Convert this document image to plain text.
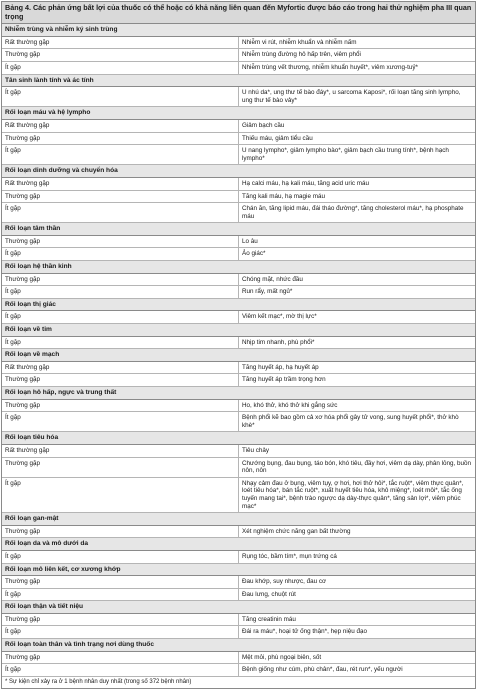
Bảng 4. Các phản ứng bất lợi của thuốc có thể hoặc có khả năng liên quan đến Myfortic được báo cáo trong hai thử nghiệm pha III quan trọng
Nhiễm trùng và nhiễm ký sinh trùng	
Rất thường gặp	Nhiễm vi rút, nhiễm khuẩn và nhiễm nấm
Thường gặp	Nhiễm trùng đường hô hấp trên, viêm phổi
Ít gặp	Nhiễm trùng vết thương, nhiễm khuẩn huyết*, viêm xương-tuỷ*
Tân sinh lành tính và ác tính	
Ít gặp	U nhú da*, ung thư tế bào đáy*, u sarcoma Kaposi*, rối loạn tăng sinh lympho, ung thư tế bào vảy*
Rối loạn máu và hệ lympho	
Rất thường gặp	Giảm bạch cầu
Thường gặp	Thiếu máu, giảm tiểu cầu
Ít gặp	U nang lympho*, giảm lympho bào*, giảm bạch cầu trung tính*, bệnh hạch lympho*
Rối loạn dinh dưỡng và chuyển hóa	
Rất thường gặp	Hạ calci máu, hạ kali máu, tăng acid uric máu
Thường gặp	Tăng kali máu, hạ magie máu
Ít gặp	Chán ăn, tăng lipid máu, đái tháo đường*, tăng cholesterol máu*, hạ phosphate máu
Rối loạn tâm thần	
Thường gặp	Lo âu
Ít gặp	Ảo giác*
Rối loạn hệ thần kinh	
Thường gặp	Chóng mặt, nhức đầu
Ít gặp	Run rẩy, mất ngủ*
Rối loạn thị giác	
Ít gặp	Viêm kết mạc*, mờ thị lực*
Rối loạn về tim	
Ít gặp	Nhịp tim nhanh, phù phổi*
Rối loạn về mạch	
Rất thường gặp	Tăng huyết áp, hạ huyết áp
Thường gặp	Tăng huyết áp trầm trọng hơn
Rối loạn hô hấp, ngực và trung thất	
Thường gặp	Ho, khó thở, khó thở khi gắng sức
Ít gặp	Bệnh phổi kẽ bao gồm cả xơ hóa phổi gây tử vong, sung huyết phổi*, thở khò khè*
Rối loạn tiêu hóa	
Rất thường gặp	Tiêu chảy
Thường gặp	Chướng bụng, đau bụng, táo bón, khó tiêu, đầy hơi, viêm dạ dày, phân lỏng, buồn nôn, nôn
Ít gặp	Nhạy cảm đau ở bụng, viêm tụy, ợ hơi, hơi thở hôi*, tắc ruột*, viêm thực quản*, loét tiêu hóa*, bán tắc ruột*, xuất huyết tiêu hóa, khô miệng*, loét môi*, tắc ống tuyến mang tai*, bệnh trào ngược dạ dày-thực quản*, tăng sản lợi*, viêm phúc mạc*
Rối loạn gan-mật	
Thường gặp	Xét nghiệm chức năng gan bất thường
Rối loạn da và mô dưới da	
Ít gặp	Rụng tóc, bầm tím*, mụn trứng cá
Rối loạn mô liên kết, cơ xương khớp	
Thường gặp	Đau khớp, suy nhược, đau cơ
Ít gặp	Đau lưng, chuột rút
Rối loạn thận và tiết niệu	
Thường gặp	Tăng creatinin máu
Ít gặp	Đái ra máu*, hoại tử ống thận*, hẹp niệu đạo
Rối loạn toàn thân và tình trạng nơi dùng thuốc	
Thường gặp	Mệt mỏi, phù ngoại biên, sốt
Ít gặp	Bệnh giống như cúm, phù chân*, đau, rét run*, yếu người
* Sự kiện chỉ xảy ra ở 1 bệnh nhân duy nhất (trong số 372 bệnh nhân)
